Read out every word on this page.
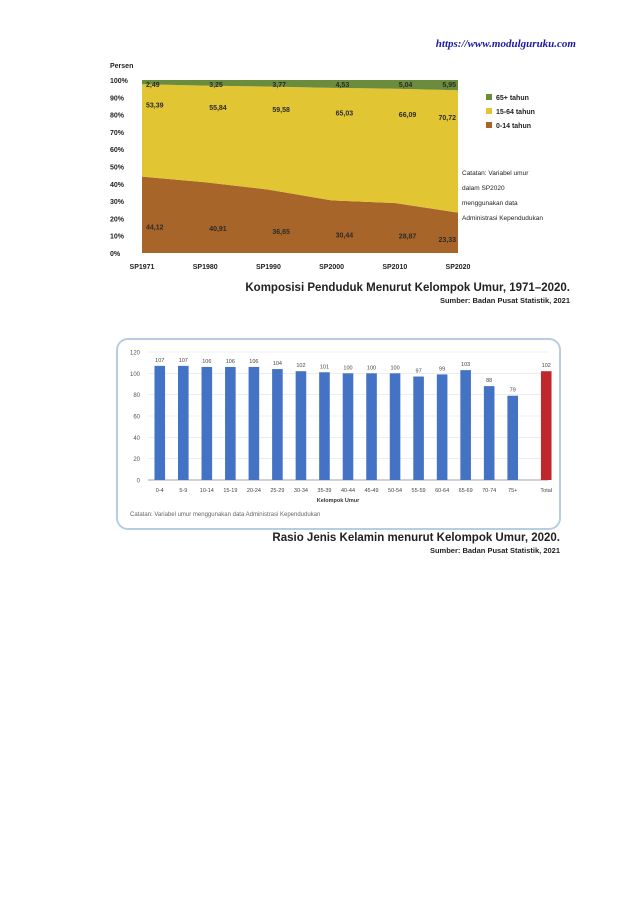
https://www.modulguruku.com
Persen
0%
10%
20%
30%
40%
50%
60%
70%
80%
90%
100%
44,12	40,91	36,65
30,44	28,87	23,33
53,39	55,84	59,58	65,03	66,09	70,72
2,49	3,25	3,77	4,53	5,04	5,95
SP1971	SP1980	SP1990	SP2000	SP2010	SP2020
65+ tahun
15-64 tahun
0-14 tahun
Catatan: Variabel umur
dalam SP2020
menggunakan data
Administrasi Kependudukan
Komposisi Penduduk Menurut Kelompok Umur, 1971–2020.
Sumber: Badan Pusat Statistik, 2021
0
20
40
60
80
100
120
107
0-4
107
5-9
106
10-14
106
15-19
106
20-24
104
25-29
102
30-34
101
35-39
100
40-44
100
45-49
100
50-54
97
55-59
99
60-64
103
65-69
88
70-74
79
75+
102
Total
Kelompok Umur
Catatan: Variabel umur menggunakan data Administrasi Kependudukan
Rasio Jenis Kelamin menurut Kelompok Umur, 2020.
Sumber: Badan Pusat Statistik, 2021
